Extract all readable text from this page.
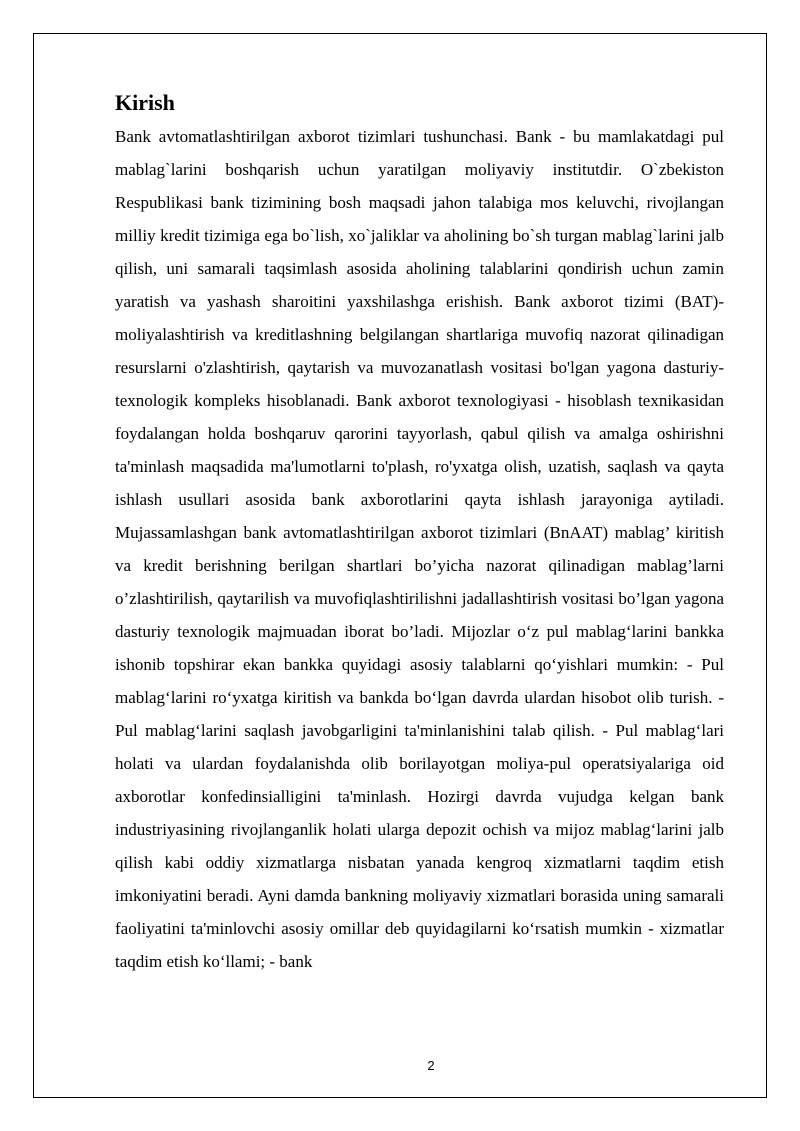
Kirish

Bank avtomatlashtirilgan axborot tizimlari tushunchasi. Bank - bu mamlakatdagi pul mablag`larini boshqarish uchun yaratilgan moliyaviy institutdir. O`zbekiston Respublikasi bank tizimining bosh maqsadi jahon talabiga mos keluvchi, rivojlangan milliy kredit tizimiga ega bo`lish, xo`jaliklar va aholining bo`sh turgan mablag`larini jalb qilish, uni samarali taqsimlash asosida aholining talablarini qondirish uchun zamin yaratish va yashash sharoitini yaxshilashga erishish. Bank axborot tizimi (BAT)-moliyalashtirish va kreditlashning belgilangan shartlariga muvofiq nazorat qilinadigan resurslarni o'zlashtirish, qaytarish va muvozanatlash vositasi bo'lgan yagona dasturiy-texnologik kompleks hisoblanadi. Bank axborot texnologiyasi - hisoblash texnikasidan foydalangan holda boshqaruv qarorini tayyorlash, qabul qilish va amalga oshirishni ta'minlash maqsadida ma'lumotlarni to'plash, ro'yxatga olish, uzatish, saqlash va qayta ishlash usullari asosida bank axborotlarini qayta ishlash jarayoniga aytiladi. Mujassamlashgan bank avtomatlashtirilgan axborot tizimlari (BnAAT) mablag’ kiritish va kredit berishning berilgan shartlari bo’yicha nazorat qilinadigan mablag’larni o’zlashtirilish, qaytarilish va muvofiqlashtirilishni jadallashtirish vositasi bo’lgan yagona dasturiy texnologik majmuadan iborat bo’ladi. Mijozlar o‘z pul mablag‘larini bankka ishonib topshirar ekan bankka quyidagi asosiy talablarni qo‘yishlari mumkin: - Pul mablag‘larini ro‘yxatga kiritish va bankda bo‘lgan davrda ulardan hisobot olib turish. - Pul mablag‘larini saqlash javobgarligini ta'minlanishini talab qilish. - Pul mablag‘lari holati va ulardan foydalanishda olib borilayotgan moliya-pul operatsiyalariga oid axborotlar konfedinsialligini ta'minlash. Hozirgi davrda vujudga kelgan bank industriyasining rivojlanganlik holati ularga depozit ochish va mijoz mablag‘larini jalb qilish kabi oddiy xizmatlarga nisbatan yanada kengroq xizmatlarni taqdim etish imkoniyatini beradi. Ayni damda bankning moliyaviy xizmatlari borasida uning samarali faoliyatini ta'minlovchi asosiy omillar deb quyidagilarni ko‘rsatish mumkin - xizmatlar taqdim etish ko‘llami; - bank

2
